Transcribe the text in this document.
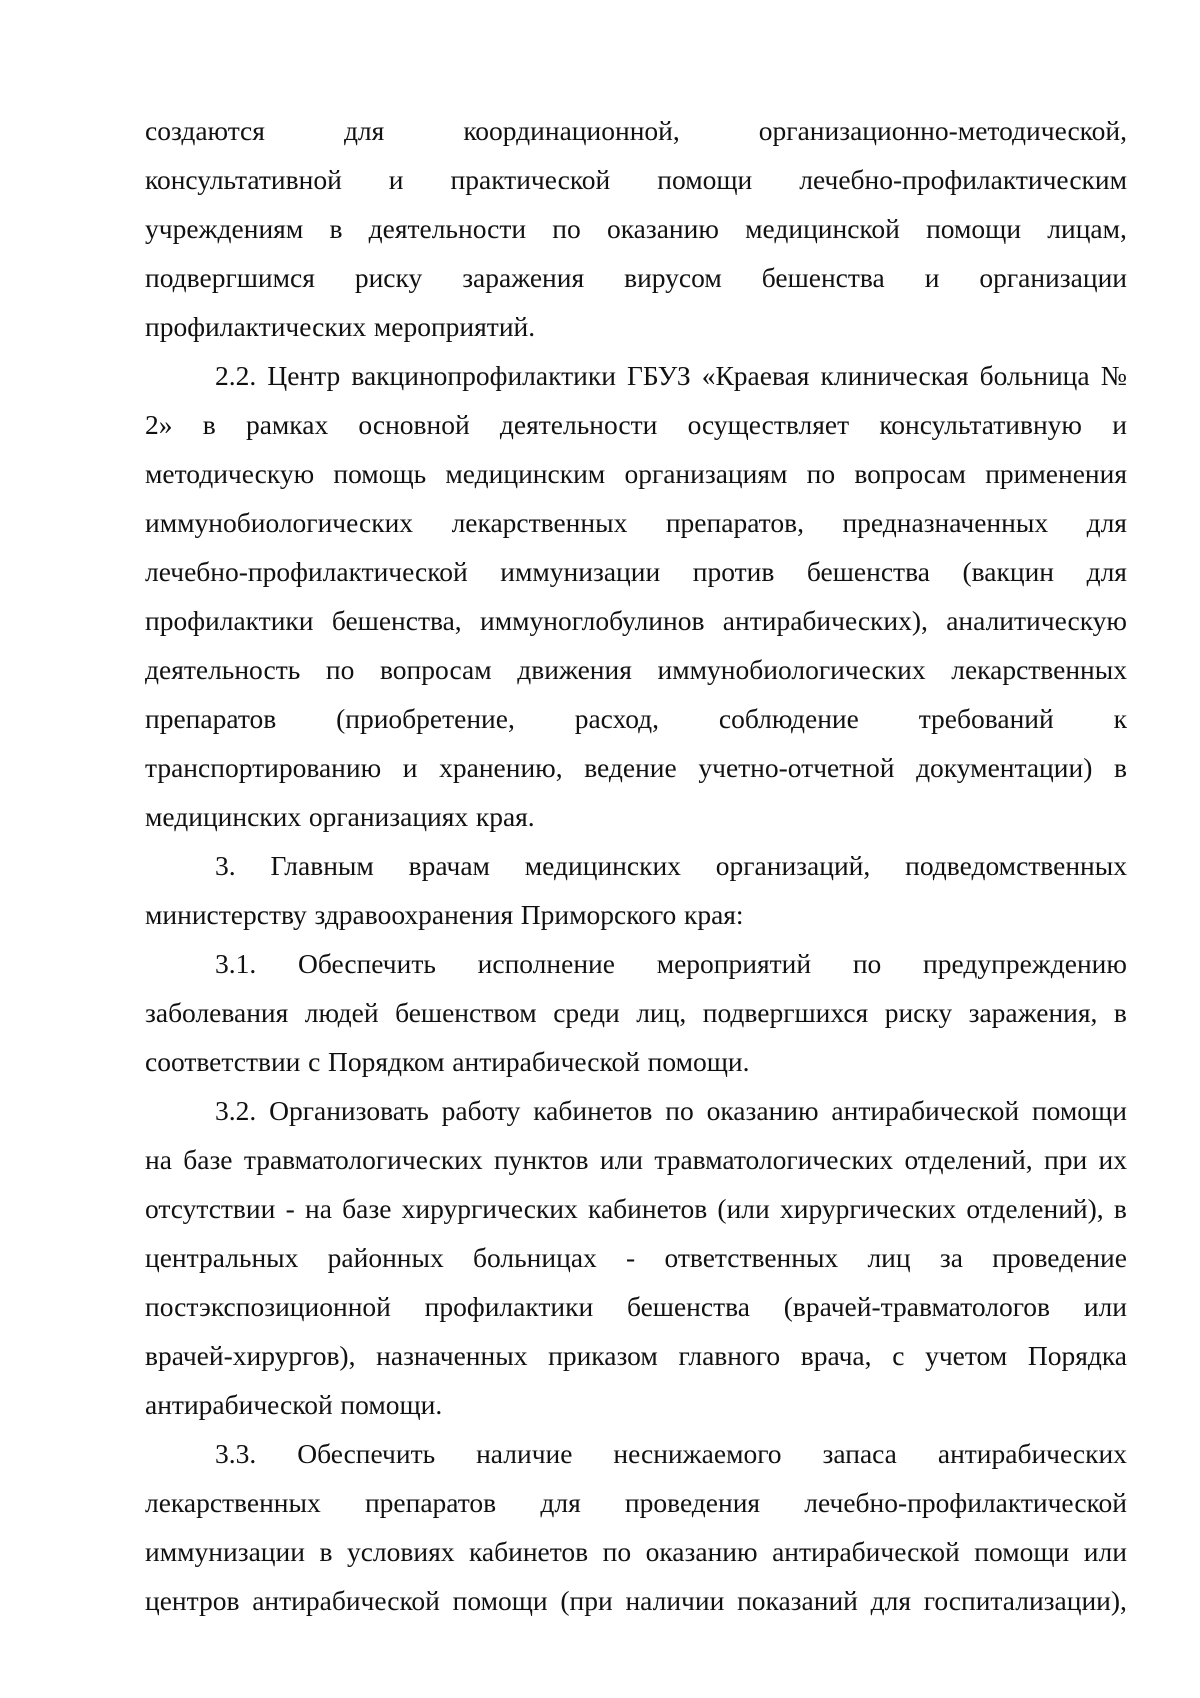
создаются	для	координационной,	организационно-методической,
консультативной и практической помощи лечебно-профилактическим
учреждениям в деятельности по оказанию медицинской помощи лицам,
подвергшимся риску заражения вирусом бешенства и организации
профилактических мероприятий.
2.2. Центр вакцинопрофилактики ГБУЗ «Краевая клиническая больница №
2» в рамках основной деятельности осуществляет консультативную и
методическую помощь медицинским организациям по вопросам применения
иммунобиологических лекарственных препаратов, предназначенных для
лечебно-профилактической иммунизации против бешенства (вакцин для
профилактики бешенства, иммуноглобулинов антирабических), аналитическую
деятельность по вопросам движения иммунобиологических лекарственных
препаратов (приобретение, расход, соблюдение требований к
транспортированию и хранению, ведение учетно-отчетной документации) в
медицинских организациях края.
3. Главным врачам медицинских организаций, подведомственных
министерству здравоохранения Приморского края:
3.1. Обеспечить исполнение мероприятий по предупреждению
заболевания людей бешенством среди лиц, подвергшихся риску заражения, в
соответствии с Порядком антирабической помощи.
3.2. Организовать работу кабинетов по оказанию антирабической помощи
на базе травматологических пунктов или травматологических отделений, при их
отсутствии - на базе хирургических кабинетов (или хирургических отделений), в
центральных районных больницах - ответственных лиц за проведение
постэкспозиционной профилактики бешенства (врачей-травматологов или
врачей-хирургов), назначенных приказом главного врача, с учетом Порядка
антирабической помощи.
3.3. Обеспечить наличие неснижаемого запаса антирабических
лекарственных препаратов для проведения лечебно-профилактической
иммунизации в условиях кабинетов по оказанию антирабической помощи или
центров антирабической помощи (при наличии показаний для госпитализации),
